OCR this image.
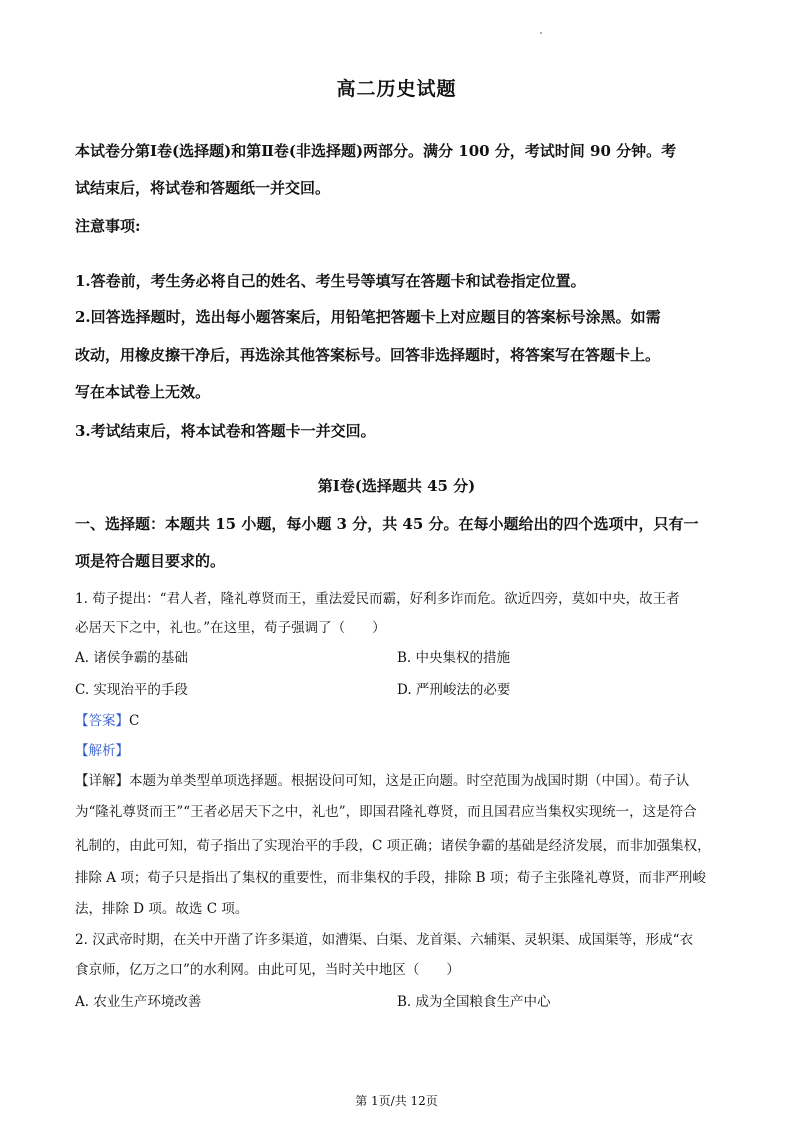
高二历史试题
本试卷分第Ⅰ卷(选择题)和第Ⅱ卷(非选择题)两部分。满分 100 分，考试时间 90 分钟。考
试结束后，将试卷和答题纸一并交回。
注意事项:
1.答卷前，考生务必将自己的姓名、考生号等填写在答题卡和试卷指定位置。
2.回答选择题时，选出每小题答案后，用铅笔把答题卡上对应题目的答案标号涂黑。如需
改动，用橡皮擦干净后，再选涂其他答案标号。回答非选择题时，将答案写在答题卡上。
写在本试卷上无效。
3.考试结束后，将本试卷和答题卡一并交回。
第Ⅰ卷(选择题共 45 分)
一、选择题：本题共 15 小题，每小题 3 分，共 45 分。在每小题给出的四个选项中，只有一
项是符合题目要求的。
1. 荀子提出：“君人者，隆礼尊贤而王，重法爱民而霸，好利多诈而危。欲近四旁，莫如中央，故王者
必居天下之中，礼也。”在这里，荀子强调了（　　）
A. 诸侯争霸的基础	B. 中央集权的措施
C. 实现治平的手段	D. 严刑峻法的必要
【答案】C
【解析】
【详解】本题为单类型单项选择题。根据设问可知，这是正向题。时空范围为战国时期（中国）。荀子认
为“隆礼尊贤而王”“王者必居天下之中，礼也”，即国君隆礼尊贤，而且国君应当集权实现统一，这是符合
礼制的，由此可知，荀子指出了实现治平的手段，C 项正确；诸侯争霸的基础是经济发展，而非加强集权，
排除 A 项；荀子只是指出了集权的重要性，而非集权的手段，排除 B 项；荀子主张隆礼尊贤，而非严刑峻
法，排除 D 项。故选 C 项。
2. 汉武帝时期，在关中开凿了许多渠道，如漕渠、白渠、龙首渠、六辅渠、灵轵渠、成国渠等，形成“衣
食京师，亿万之口”的水利网。由此可见，当时关中地区（　　）
A. 农业生产环境改善	B. 成为全国粮食生产中心
第 1页/共 12页
